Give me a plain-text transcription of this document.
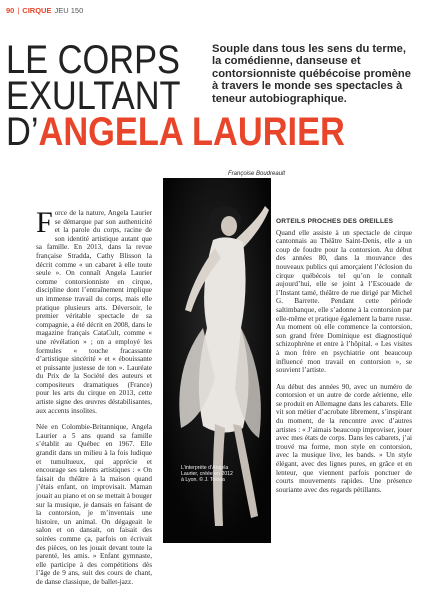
90 | CIRQUE JEU 150
LE CORPS
EXULTANT
D’ANGELA LAURIER
Souple dans tous les sens du terme, la comédienne, danseuse et contorsionniste québécoise promène à travers le monde ses spectacles à teneur autobiographique.
Françoise Boudreault

Force de la nature, Angela Laurier se démarque par son authenticité et la parole du corps, racine de son identité artistique autant que sa famille. En 2013, dans la revue française Stradda, Cathy Blisson la décrit comme « un cabaret à elle toute seule ». On connaît Angela Laurier comme contorsionniste en cirque, discipline dont l’entraînement implique un immense travail du corps, mais elle pratique plusieurs arts. Déversoir, le premier véritable spectacle de sa compagnie, a été décrit en 2008, dans le magazine français CataCult, comme « une révélation » ; on a employé les formules « touche fracassante d’artistique sincérité » et « ébouissante et puissante justesse de ton ». Lauréate du Prix de la Société des auteurs et compositeurs dramatiques (France) pour les arts du cirque en 2013, cette artiste signe des œuvres déstabilisantes, aux accents insolites.

Née en Colombie-Britannique, Angela Laurier a 5 ans quand sa famille s’établit au Québec en 1967. Elle grandit dans un milieu à la fois ludique et tumultueux, qui apprécie et encourage ses talents artistiques : « On faisait du théâtre à la maison quand j’étais enfant, on improvisait. Maman jouait au piano et on se mettait à bouger sur la musique, je dansais en faisant de la contorsion, je m’inventais une histoire, un animal. On dégageait le salon et on dansait, on faisait des soirées comme ça, parfois on écrivait des pièces, on les jouait devant toute la parenté, les amis. » Enfant gymnaste, elle participe à des compétitions dès l’âge de 9 ans, suit des cours de chant, de danse classique, de ballet-jazz.

L’interprète d’Angela Laurier, créée en 2012 à Lyon. © J. Tolosa
ORTEILS PROCHES DES OREILLES

Quand elle assiste à un spectacle de cirque cantonnais au Théâtre Saint-Denis, elle a un coup de foudre pour la contorsion. Au début des années 80, dans la mouvance des nouveaux publics qui amorçaient l’éclosion du cirque québécois tel qu’on le connaît aujourd’hui, elle se joint à l’Escouade de l’Instant tamé, théâtre de rue dirigé par Michel G. Barrette. Pendant cette période saltimbanque, elle s’adonne à la contorsion par elle-même et pratique également la barre russe. Au moment où elle commence la contorsion, son grand frère Dominique est diagnostiqué schizophrène et entre à l’hôpital. « Les visites à mon frère en psychiatrie ont beaucoup influencé mon travail en contorsion », se souvient l’artiste.

Au début des années 90, avec un numéro de contorsion et un autre de corde aérienne, elle se produit en Allemagne dans les cabarets. Elle vit son métier d’acrobate librement, s’inspirant du moment, de la rencontre avec d’autres artistes : « J’aimais beaucoup improviser, jouer avec mes états de corps. Dans les cabarets, j’ai trouvé ma forme, mon style en contorsion, avec la musique live, les bands. » Un style élégant, avec des lignes pures, en grâce et en lenteur, que viennent parfois ponctuer de courts mouvements rapides. Une présence souriante avec des regards pétillants.
